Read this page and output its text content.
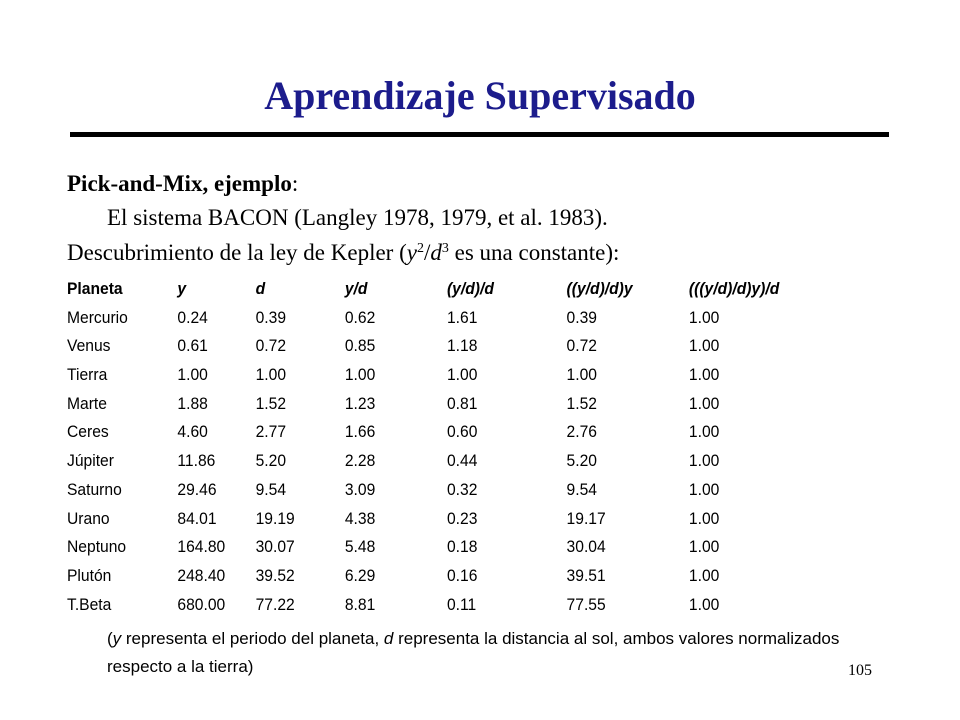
Aprendizaje Supervisado
Pick-and-Mix, ejemplo:
El sistema BACON (Langley 1978, 1979, et al. 1983).
Descubrimiento de la ley de Kepler ($y^2/d^3$ es una constante):
Planeta	y	d	y/d	(y/d)/d	((y/d)/d)y	(((y/d)/d)y)/d
Mercurio	0.24	0.39	0.62	1.61	0.39	1.00
Venus	0.61	0.72	0.85	1.18	0.72	1.00
Tierra	1.00	1.00	1.00	1.00	1.00	1.00
Marte	1.88	1.52	1.23	0.81	1.52	1.00
Ceres	4.60	2.77	1.66	0.60	2.76	1.00
Júpiter	11.86 5.20	2.28	0.44	5.20	1.00
Saturno	29.46 9.54	3.09	0.32	9.54	1.00
Urano	84.01 19.19	4.38	0.23	19.17	1.00
Neptuno	164.80 30.07	5.48	0.18	30.04	1.00
Plutón	248.40 39.52	6.29	0.16	39.51	1.00
T.Beta	680.00 77.22	8.81	0.11	77.55	1.00
(y representa el periodo del planeta, d representa la distancia al sol, ambos valores normalizados respecto a la tierra)	105
